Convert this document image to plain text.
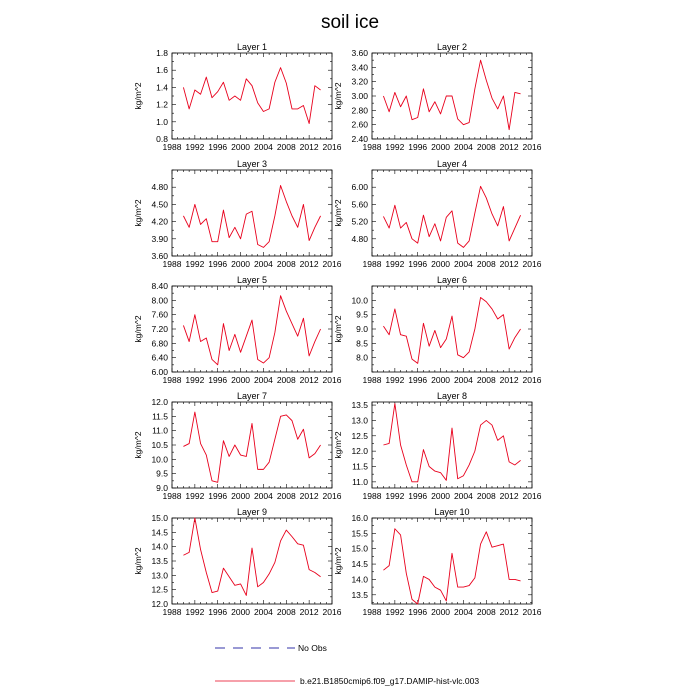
soil ice
Layer 1
kg/m^2
1988 1992 1996 2000 2004 2008 2012 2016
0.8
1.0
1.2
1.4
1.6
1.8
Layer 2
kg/m^2
1988 1992 1996 2000 2004 2008 2012 2016
2.40
2.60
2.80
3.00
3.20
3.40
3.60
Layer 3
kg/m^2
1988 1992 1996 2000 2004 2008 2012 2016
3.60
3.90
4.20
4.50
4.80
Layer 4
kg/m^2
1988 1992 1996 2000 2004 2008 2012 2016
4.80
5.20
5.60
6.00
Layer 5
kg/m^2
1988 1992 1996 2000 2004 2008 2012 2016
6.00
6.40
6.80
7.20
7.60
8.00
8.40
Layer 6
kg/m^2
1988 1992 1996 2000 2004 2008 2012 2016
8.0
8.5
9.0
9.5
10.0
Layer 7
kg/m^2
1988 1992 1996 2000 2004 2008 2012 2016
9.0
9.5
10.0
10.5
11.0
11.5
12.0
Layer 8
kg/m^2
1988 1992 1996 2000 2004 2008 2012 2016
11.0
11.5
12.0
12.5
13.0
13.5
Layer 9
kg/m^2
1988 1992 1996 2000 2004 2008 2012 2016
12.0
12.5
13.0
13.5
14.0
14.5
15.0
Layer 10
kg/m^2
1988 1992 1996 2000 2004 2008 2012 2016
13.5
14.0
14.5
15.0
15.5
16.0
No Obs
b.e21.B1850cmip6.f09_g17.DAMIP-hist-vlc.003
